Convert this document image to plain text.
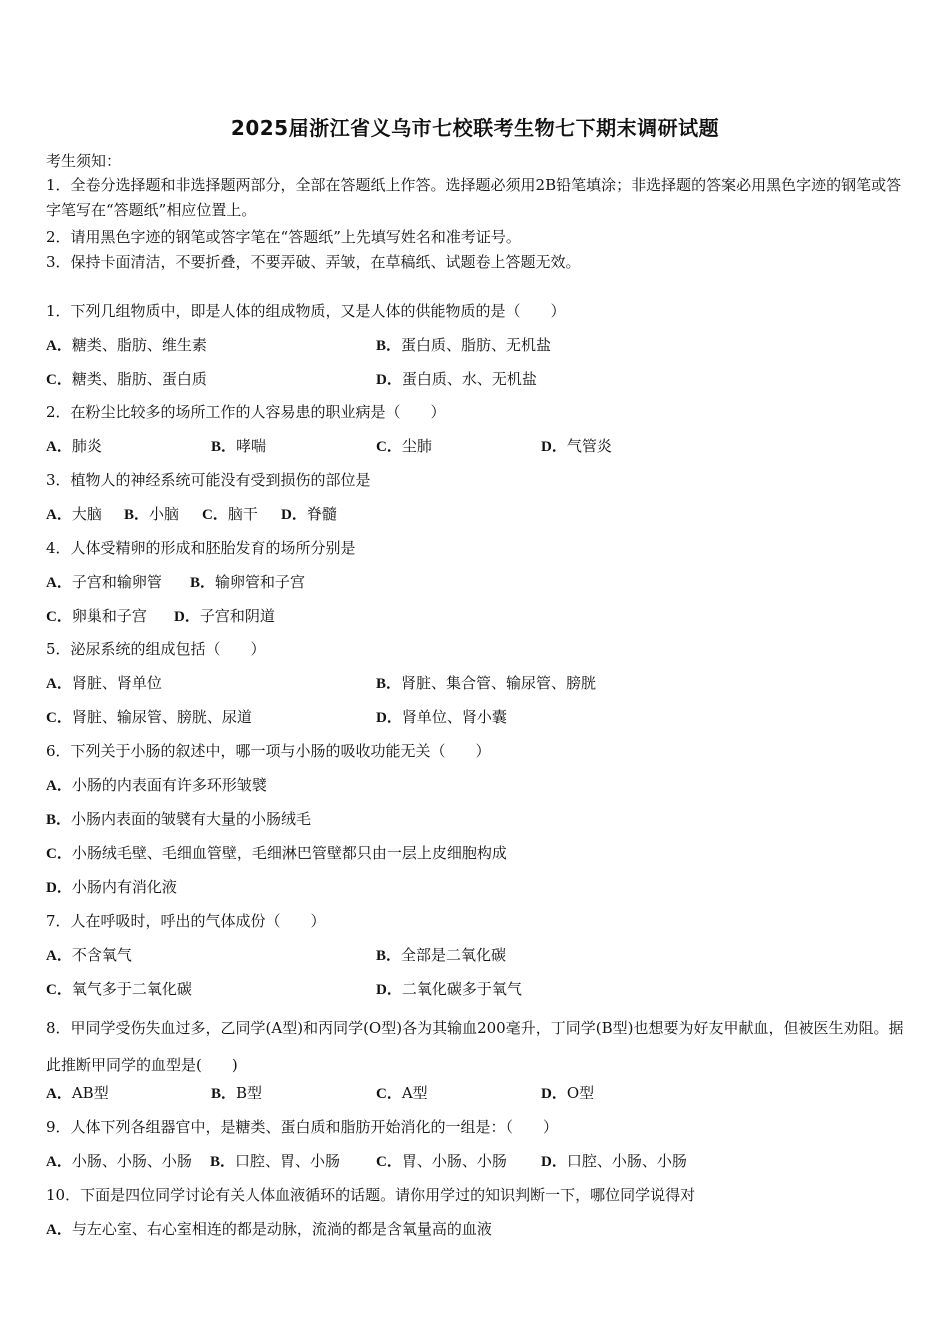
2025届浙江省义乌市七校联考生物七下期末调研试题
考生须知：
1．全卷分选择题和非选择题两部分，全部在答题纸上作答。选择题必须用2B铅笔填涂；非选择题的答案必用黑色字迹的钢笔或答字笔写在“答题纸”相应位置上。
2．请用黑色字迹的钢笔或答字笔在“答题纸”上先填写姓名和准考证号。
3．保持卡面清洁，不要折叠，不要弄破、弄皱，在草稿纸、试题卷上答题无效。
1．下列几组物质中，即是人体的组成物质，又是人体的供能物质的是（　　）
A．糖类、脂肪、维生素	B．蛋白质、脂肪、无机盐
C．糖类、脂肪、蛋白质	D．蛋白质、水、无机盐
2．在粉尘比较多的场所工作的人容易患的职业病是（　　）
A．肺炎	B．哮喘	C．尘肺	D．气管炎
3．植物人的神经系统可能没有受到损伤的部位是
A．大脑 B．小脑 C．脑干 D．脊髓
4．人体受精卵的形成和胚胎发育的场所分别是
A．子宫和输卵管 B．输卵管和子宫
C．卵巢和子宫 D．子宫和阴道
5．泌尿系统的组成包括（　　）
A．肾脏、肾单位	B．肾脏、集合管、输尿管、膀胱
C．肾脏、输尿管、膀胱、尿道	D．肾单位、肾小囊
6．下列关于小肠的叙述中，哪一项与小肠的吸收功能无关（　　）
A．小肠的内表面有许多环形皱襞
B．小肠内表面的皱襞有大量的小肠绒毛
C．小肠绒毛壁、毛细血管壁，毛细淋巴管壁都只由一层上皮细胞构成
D．小肠内有消化液
7．人在呼吸时，呼出的气体成份（　　）
A．不含氧气	B．全部是二氧化碳
C．氧气多于二氧化碳	D．二氧化碳多于氧气
8．甲同学受伤失血过多，乙同学(A型)和丙同学(O型)各为其输血200毫升，丁同学(B型)也想要为好友甲献血，但被医生劝阻。据此推断甲同学的血型是(　　)
A．AB型	B．B型	C．A型	D．O型
9．人体下列各组器官中，是糖类、蛋白质和脂肪开始消化的一组是：（　　）
A．小肠、小肠、小肠 B．口腔、胃、小肠 C．胃、小肠、小肠 D．口腔、小肠、小肠
10．下面是四位同学讨论有关人体血液循环的话题。请你用学过的知识判断一下，哪位同学说得对
A．与左心室、右心室相连的都是动脉，流淌的都是含氧量高的血液
